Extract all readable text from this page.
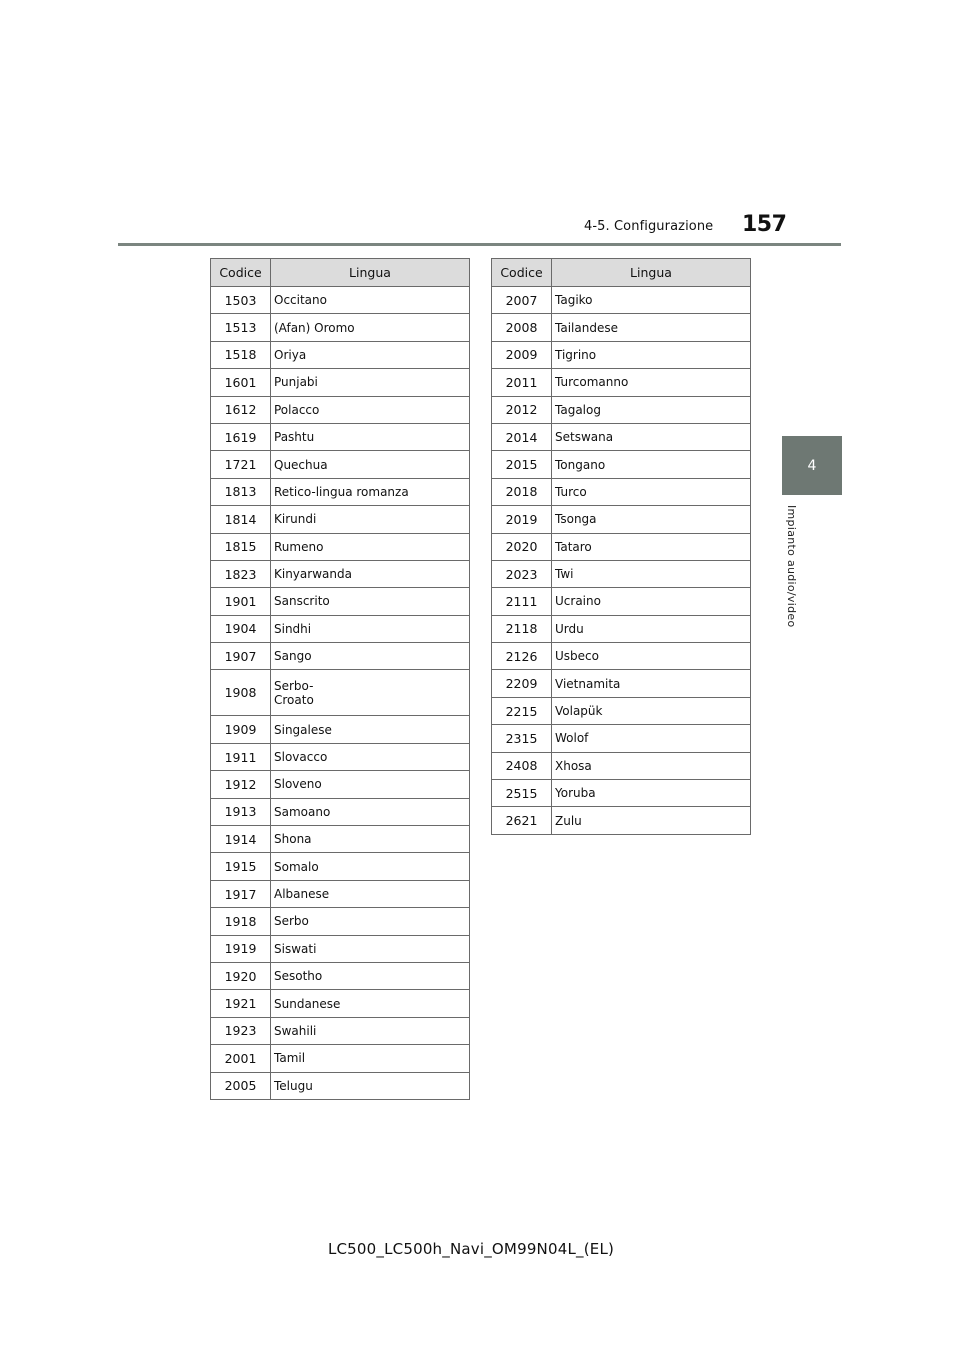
4-5. Configurazione 157
4
Impianto audio/video
Codice	Lingua
1503	Occitano
1513	(Afan) Oromo
1518	Oriya
1601	Punjabi
1612	Polacco
1619	Pashtu
1721	Quechua
1813	Retico-lingua romanza
1814	Kirundi
1815	Rumeno
1823	Kinyarwanda
1901	Sanscrito
1904	Sindhi
1907	Sango
1908	Serbo-
Croato
1909	Singalese
1911	Slovacco
1912	Sloveno
1913	Samoano
1914	Shona
1915	Somalo
1917	Albanese
1918	Serbo
1919	Siswati
1920	Sesotho
1921	Sundanese
1923	Swahili
2001	Tamil
2005	Telugu
Codice	Lingua
2007	Tagiko
2008	Tailandese
2009	Tigrino
2011	Turcomanno
2012	Tagalog
2014	Setswana
2015	Tongano
2018	Turco
2019	Tsonga
2020	Tataro
2023	Twi
2111	Ucraino
2118	Urdu
2126	Usbeco
2209	Vietnamita
2215	Volapük
2315	Wolof
2408	Xhosa
2515	Yoruba
2621	Zulu
LC500_LC500h_Navi_OM99N04L_(EL)
